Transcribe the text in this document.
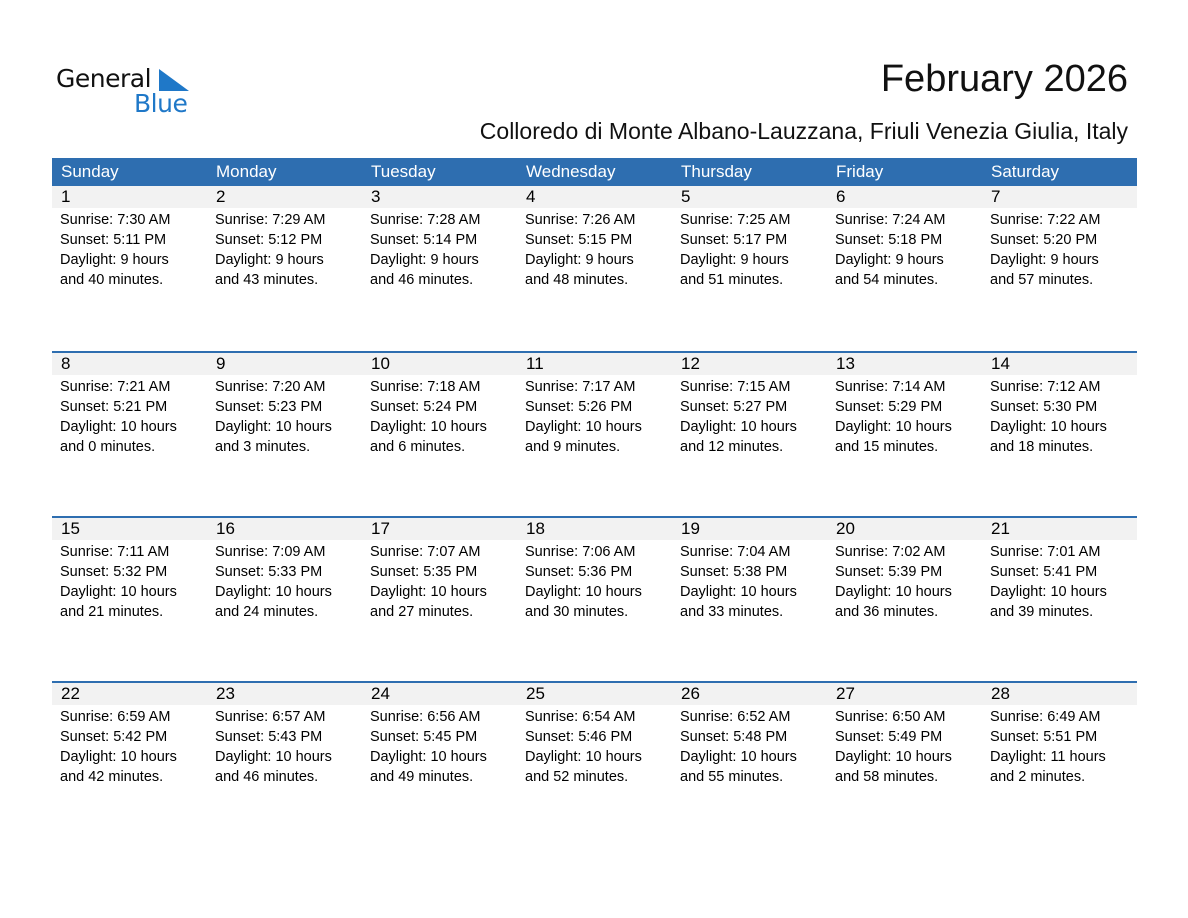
General
Blue
February 2026
Colloredo di Monte Albano-Lauzzana, Friuli Venezia Giulia, Italy
Sunday	Monday	Tuesday	Wednesday	Thursday	Friday	Saturday
1
Sunrise: 7:30 AM
Sunset: 5:11 PM
Daylight: 9 hours
and 40 minutes.
2
Sunrise: 7:29 AM
Sunset: 5:12 PM
Daylight: 9 hours
and 43 minutes.
3
Sunrise: 7:28 AM
Sunset: 5:14 PM
Daylight: 9 hours
and 46 minutes.
4
Sunrise: 7:26 AM
Sunset: 5:15 PM
Daylight: 9 hours
and 48 minutes.
5
Sunrise: 7:25 AM
Sunset: 5:17 PM
Daylight: 9 hours
and 51 minutes.
6
Sunrise: 7:24 AM
Sunset: 5:18 PM
Daylight: 9 hours
and 54 minutes.
7
Sunrise: 7:22 AM
Sunset: 5:20 PM
Daylight: 9 hours
and 57 minutes.
8
Sunrise: 7:21 AM
Sunset: 5:21 PM
Daylight: 10 hours
and 0 minutes.
9
Sunrise: 7:20 AM
Sunset: 5:23 PM
Daylight: 10 hours
and 3 minutes.
10
Sunrise: 7:18 AM
Sunset: 5:24 PM
Daylight: 10 hours
and 6 minutes.
11
Sunrise: 7:17 AM
Sunset: 5:26 PM
Daylight: 10 hours
and 9 minutes.
12
Sunrise: 7:15 AM
Sunset: 5:27 PM
Daylight: 10 hours
and 12 minutes.
13
Sunrise: 7:14 AM
Sunset: 5:29 PM
Daylight: 10 hours
and 15 minutes.
14
Sunrise: 7:12 AM
Sunset: 5:30 PM
Daylight: 10 hours
and 18 minutes.
15
Sunrise: 7:11 AM
Sunset: 5:32 PM
Daylight: 10 hours
and 21 minutes.
16
Sunrise: 7:09 AM
Sunset: 5:33 PM
Daylight: 10 hours
and 24 minutes.
17
Sunrise: 7:07 AM
Sunset: 5:35 PM
Daylight: 10 hours
and 27 minutes.
18
Sunrise: 7:06 AM
Sunset: 5:36 PM
Daylight: 10 hours
and 30 minutes.
19
Sunrise: 7:04 AM
Sunset: 5:38 PM
Daylight: 10 hours
and 33 minutes.
20
Sunrise: 7:02 AM
Sunset: 5:39 PM
Daylight: 10 hours
and 36 minutes.
21
Sunrise: 7:01 AM
Sunset: 5:41 PM
Daylight: 10 hours
and 39 minutes.
22
Sunrise: 6:59 AM
Sunset: 5:42 PM
Daylight: 10 hours
and 42 minutes.
23
Sunrise: 6:57 AM
Sunset: 5:43 PM
Daylight: 10 hours
and 46 minutes.
24
Sunrise: 6:56 AM
Sunset: 5:45 PM
Daylight: 10 hours
and 49 minutes.
25
Sunrise: 6:54 AM
Sunset: 5:46 PM
Daylight: 10 hours
and 52 minutes.
26
Sunrise: 6:52 AM
Sunset: 5:48 PM
Daylight: 10 hours
and 55 minutes.
27
Sunrise: 6:50 AM
Sunset: 5:49 PM
Daylight: 10 hours
and 58 minutes.
28
Sunrise: 6:49 AM
Sunset: 5:51 PM
Daylight: 11 hours
and 2 minutes.
